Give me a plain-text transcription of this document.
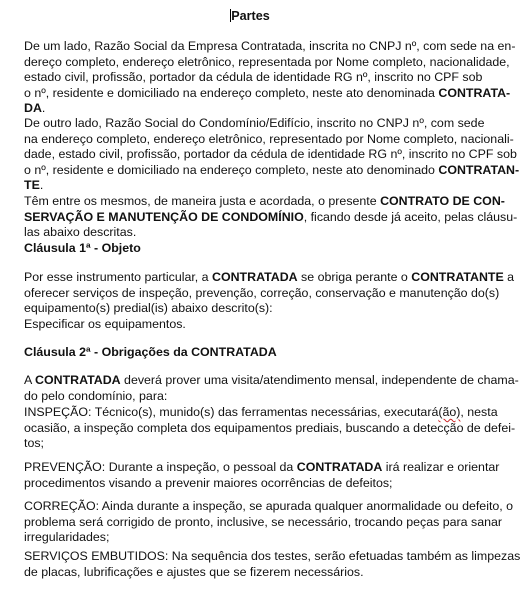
Partes
De um lado, Razão Social da Empresa Contratada, inscrita no CNPJ nº, com sede na en-
dereço completo, endereço eletrônico, representada por Nome completo, nacionalidade,
estado civil, profissão, portador da cédula de identidade RG nº, inscrito no CPF sob
o nº, residente e domiciliado na endereço completo, neste ato denominada CONTRATA-
DA.
De outro lado, Razão Social do Condomínio/Edifício, inscrito no CNPJ nº, com sede
na endereço completo, endereço eletrônico, representado por Nome completo, nacionali-
dade, estado civil, profissão, portador da cédula de identidade RG nº, inscrito no CPF sob
o nº, residente e domiciliado na endereço completo, neste ato denominado CONTRATAN-
TE.
Têm entre os mesmos, de maneira justa e acordada, o presente CONTRATO DE CON-
SERVAÇÃO E MANUTENÇÃO DE CONDOMÍNIO, ficando desde já aceito, pelas cláusu-
las abaixo descritas.
Cláusula 1ª - Objeto
Por esse instrumento particular, a CONTRATADA se obriga perante o CONTRATANTE a
oferecer serviços de inspeção, prevenção, correção, conservação e manutenção do(s)
equipamento(s) predial(is) abaixo descrito(s):
Especificar os equipamentos.
Cláusula 2ª - Obrigações da CONTRATADA
A CONTRATADA deverá prover uma visita/atendimento mensal, independente de chama-
do pelo condomínio, para:
INSPEÇÃO: Técnico(s), munido(s) das ferramentas necessárias, executará(ão), nesta
ocasião, a inspeção completa dos equipamentos prediais, buscando a detecção de defei-
tos;
PREVENÇÃO: Durante a inspeção, o pessoal da CONTRATADA irá realizar e orientar
procedimentos visando a prevenir maiores ocorrências de defeitos;
CORREÇÃO: Ainda durante a inspeção, se apurada qualquer anormalidade ou defeito, o
problema será corrigido de pronto, inclusive, se necessário, trocando peças para sanar
irregularidades;
SERVIÇOS EMBUTIDOS: Na sequência dos testes, serão efetuadas também as limpezas
de placas, lubrificações e ajustes que se fizerem necessários.
